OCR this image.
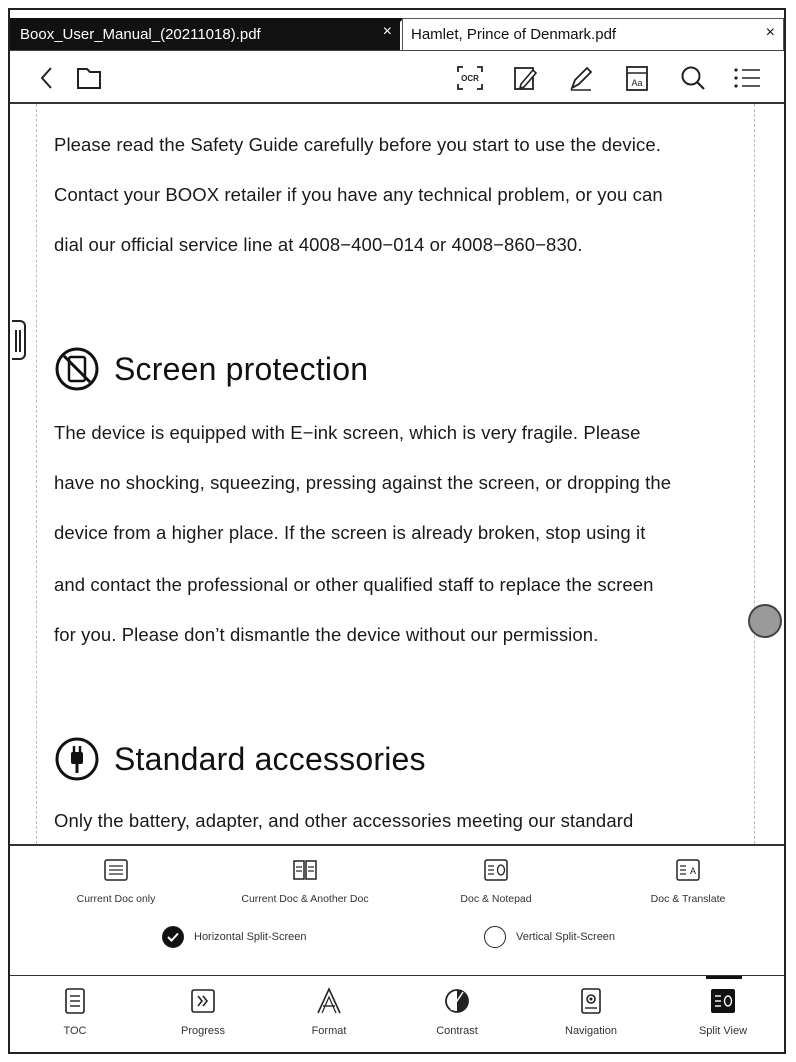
Boox_User_Manual_(20211018).pdf	× Hamlet, Prince of Denmark.pdf	×
OCR	Aa
Please read the Safety Guide carefully before you start to use the device.
Contact your BOOX retailer if you have any technical problem, or you can
dial our official service line at 4008−400−014 or 4008−860−830.
Screen protection
The device is equipped with E−ink screen, which is very fragile. Please
have no shocking, squeezing, pressing against the screen, or dropping the
device from a higher place. If the screen is already broken, stop using it
and contact the professional or other qualified staff to replace the screen
for you. Please don’t dismantle the device without our permission.
Standard accessories
Only the battery, adapter, and other accessories meeting our standard
Current Doc only	Current Doc & Another Doc	Doc & Notepad
A
Doc & Translate
Horizontal Split-Screen	Vertical Split-Screen
TOC	Progress	Format	Contrast	Navigation	Split View
